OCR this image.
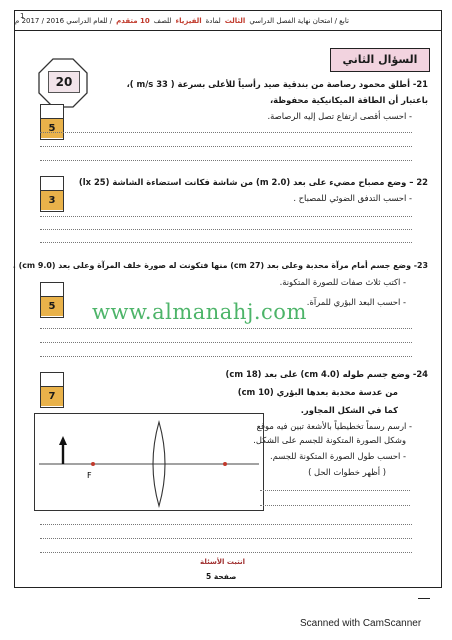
تابع / امتحان نهاية الفصل الدراسي
الثالث
لمادة
الفيزياء
للصف
10 متقدم
/ للعام الدراسي 2016 / 2017 م
1
20
السؤال الثاني
5
21- أطلق محمود رصاصة من بندقية صيد رأسياً للأعلى بسرعة ( 33 m/s )،
باعتبار أن الطاقة الميكانيكية محفوظة،
- احسب أقصى ارتفاع تصل إليه الرصاصة.
3
22 – وضع مصباح مضيء على بعد (2.0 m) من شاشة فكانت استضاءة الشاشة (25 lx)
- احسب التدفق الضوئي للمصباح .
23- وضع جسم أمام مرآة محدبة وعلى بعد (27 cm) منها فتكونت له صورة خلف المرآة وعلى بعد (9.0 cm) .
5
- اكتب ثلاث صفات للصورة المتكونة.
- احسب البعد البؤري للمرآة.
www.almanahj.com
7
24- وضع جسم طوله (4.0 cm) على بعد (18 cm)
من عدسة محدبة بعدها البؤري (10 cm)
كما في الشكل المجاور.
- ارسم رسماً تخطيطياً بالأشعة تبين فيه موقع
وشكل الصورة المتكونة للجسم على الشكل.
- احسب طول الصورة المتكونة للجسم.
( أظهر خطوات الحل )
F
انتبت الأسئلة
صفحة 5
Scanned with CamScanner
